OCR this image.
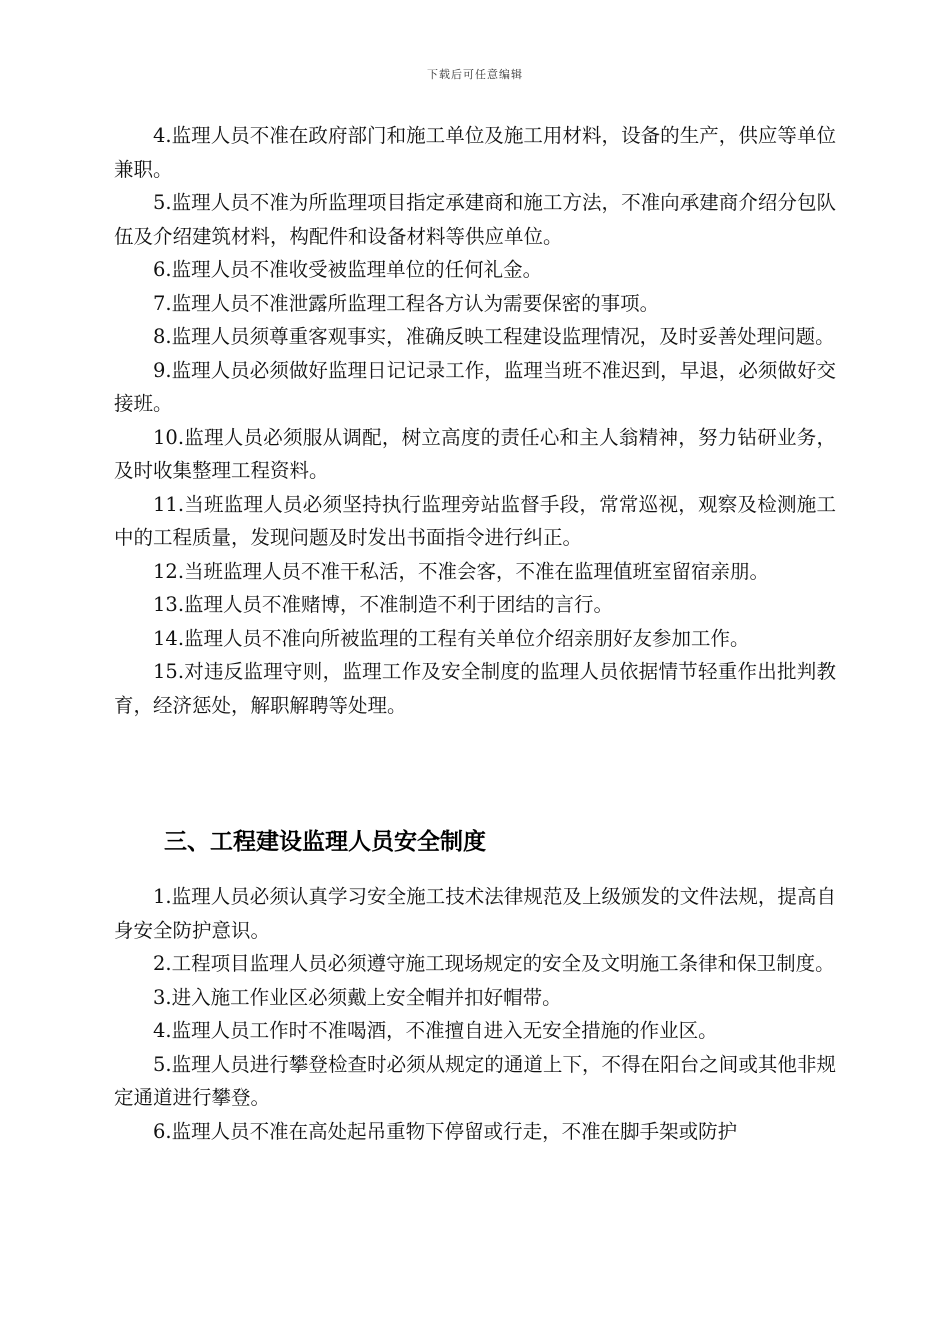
下载后可任意编辑

4.监理人员不准在政府部门和施工单位及施工用材料，设备的生产，供应等单位兼职。

5.监理人员不准为所监理项目指定承建商和施工方法，不准向承建商介绍分包队伍及介绍建筑材料，构配件和设备材料等供应单位。

6.监理人员不准收受被监理单位的任何礼金。

7.监理人员不准泄露所监理工程各方认为需要保密的事项。

8.监理人员须尊重客观事实，准确反映工程建设监理情况，及时妥善处理问题。

9.监理人员必须做好监理日记记录工作，监理当班不准迟到，早退，必须做好交接班。

10.监理人员必须服从调配，树立高度的责任心和主人翁精神，努力钻研业务，及时收集整理工程资料。

11.当班监理人员必须坚持执行监理旁站监督手段，常常巡视，观察及检测施工中的工程质量，发现问题及时发出书面指令进行纠正。

12.当班监理人员不准干私活，不准会客，不准在监理值班室留宿亲朋。

13.监理人员不准赌博，不准制造不利于团结的言行。

14.监理人员不准向所被监理的工程有关单位介绍亲朋好友参加工作。

15.对违反监理守则，监理工作及安全制度的监理人员依据情节轻重作出批判教育，经济惩处，解职解聘等处理。

三、工程建设监理人员安全制度

1.监理人员必须认真学习安全施工技术法律规范及上级颁发的文件法规，提高自身安全防护意识。

2.工程项目监理人员必须遵守施工现场规定的安全及文明施工条律和保卫制度。

3.进入施工作业区必须戴上安全帽并扣好帽带。

4.监理人员工作时不准喝酒，不准擅自进入无安全措施的作业区。

5.监理人员进行攀登检查时必须从规定的通道上下，不得在阳台之间或其他非规定通道进行攀登。

6.监理人员不准在高处起吊重物下停留或行走，不准在脚手架或防护
